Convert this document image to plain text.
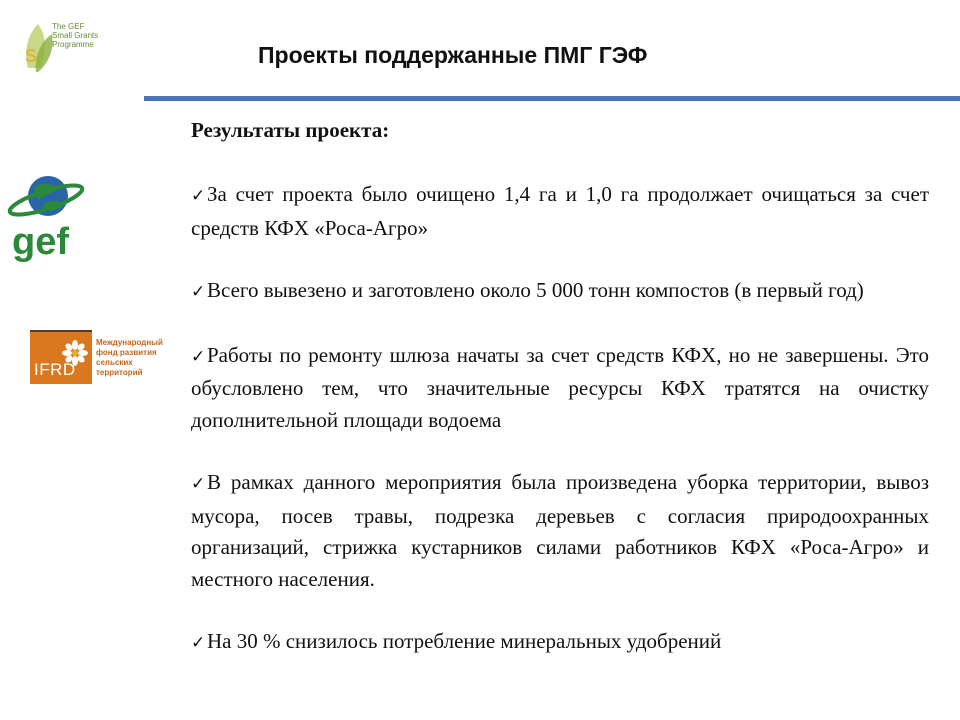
S
The GEF Small Grants Programme	Проекты поддержанные ПМГ ГЭФ
gef
IFRD
Международный фонд развития сельских территорий

Результаты проекта:

✓За счет проекта было очищено 1,4 га и 1,0 га продолжает очищаться за счет средств КФХ «Роса-Агро»

✓Всего вывезено и заготовлено около 5 000 тонн компостов (в первый год)

✓Работы по ремонту шлюза начаты за счет средств КФХ, но не завершены. Это обусловлено тем, что значительные ресурсы КФХ тратятся на очистку дополнительной площади водоема

✓В рамках данного мероприятия была произведена уборка территории, вывоз мусора, посев травы, подрезка деревьев с согласия природоохранных организаций, стрижка кустарников силами работников КФХ «Роса-Агро» и местного населения.

✓На 30 % снизилось потребление минеральных удобрений
